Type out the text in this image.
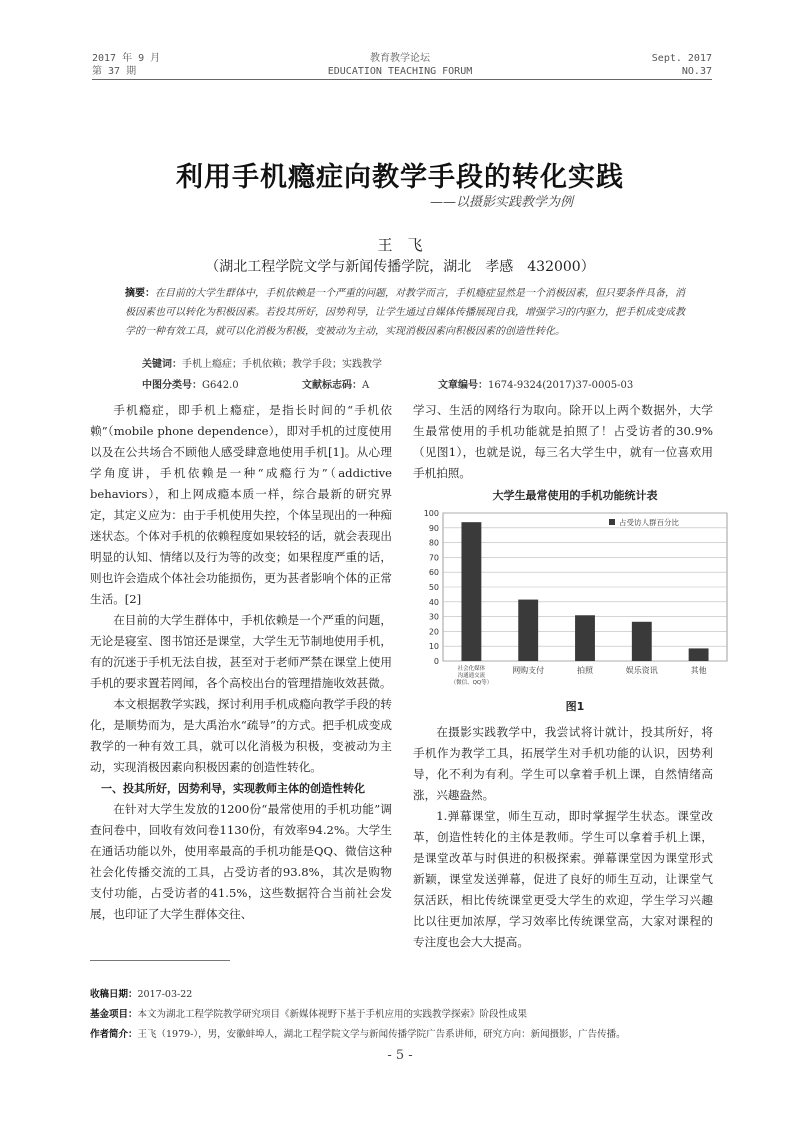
2017 年 9 月
第 37 期
教育教学论坛
EDUCATION TEACHING FORUM
Sept. 2017
NO.37
利用手机瘾症向教学手段的转化实践
——以摄影实践教学为例
王　飞
（湖北工程学院文学与新闻传播学院，湖北　孝感　432000）
摘要：在目前的大学生群体中，手机依赖是一个严重的问题，对教学而言，手机瘾症显然是一个消极因素，但只要条件具备，消极因素也可以转化为积极因素。若投其所好，因势利导，让学生通过自媒体传播展现自我，增强学习的内驱力，把手机成变成教学的一种有效工具，就可以化消极为积极，变被动为主动，实现消极因素向积极因素的创造性转化。
关键词：手机上瘾症；手机依赖；教学手段；实践教学
中图分类号：G642.0	文献标志码：A	文章编号：1674-9324(2017)37-0005-03

手机瘾症，即手机上瘾症，是指长时间的“手机依赖”（mobile phone dependence），即对手机的过度使用以及在公共场合不顾他人感受肆意地使用手机[1]。从心理学角度讲，手机依赖是一种“成瘾行为”（addictive behaviors），和上网成瘾本质一样，综合最新的研究界定，其定义应为：由于手机使用失控，个体呈现出的一种痴迷状态。个体对手机的依赖程度如果较轻的话，就会表现出明显的认知、情绪以及行为等的改变；如果程度严重的话，则也许会造成个体社会功能损伤，更为甚者影响个体的正常生活。[2]

在目前的大学生群体中，手机依赖是一个严重的问题，无论是寝室、图书馆还是课堂，大学生无节制地使用手机，有的沉迷于手机无法自拔，甚至对于老师严禁在课堂上使用手机的要求置若罔闻，各个高校出台的管理措施收效甚微。

本文根据教学实践，探讨利用手机成瘾向教学手段的转化，是顺势而为，是大禹治水“疏导”的方式。把手机成变成教学的一种有效工具，就可以化消极为积极，变被动为主动，实现消极因素向积极因素的创造性转化。

一、投其所好，因势利导，实现教师主体的创造性转化

在针对大学生发放的1200份“最常使用的手机功能”调查问卷中，回收有效问卷1130份，有效率94.2%。大学生在通话功能以外，使用率最高的手机功能是QQ、微信这种社会化传播交流的工具，占受访者的93.8%，其次是购物支付功能，占受访者的41.5%，这些数据符合当前社会发展，也印证了大学生群体交往、

学习、生活的网络行为取向。除开以上两个数据外，大学生最常使用的手机功能就是拍照了！占受访者的30.9%（见图1），也就是说，每三名大学生中，就有一位喜欢用手机拍照。

大学生最常使用的手机功能统计表
0
10
20
30
40
50
60
70
80
90
100
社会化媒体
沟通通交流
（微信、QQ等）
网购支付	拍照	娱乐资讯	其他
占受访人群百分比
图1

在摄影实践教学中，我尝试将计就计，投其所好，将手机作为教学工具，拓展学生对手机功能的认识，因势利导，化不利为有利。学生可以拿着手机上课，自然情绪高涨，兴趣盎然。

1.弹幕课堂，师生互动，即时掌握学生状态。课堂改革，创造性转化的主体是教师。学生可以拿着手机上课，是课堂改革与时俱进的积极探索。弹幕课堂因为课堂形式新颖，课堂发送弹幕，促进了良好的师生互动，让课堂气氛活跃，相比传统课堂更受大学生的欢迎，学生学习兴趣比以往更加浓厚，学习效率比传统课堂高，大家对课程的专注度也会大大提高。

收稿日期：2017-03-22
基金项目：本文为湖北工程学院教学研究项目《新媒体视野下基于手机应用的实践教学探索》阶段性成果
作者简介：王飞（1979-），男，安徽蚌埠人，湖北工程学院文学与新闻传播学院广告系讲师，研究方向：新闻摄影，广告传播。
- 5 -
